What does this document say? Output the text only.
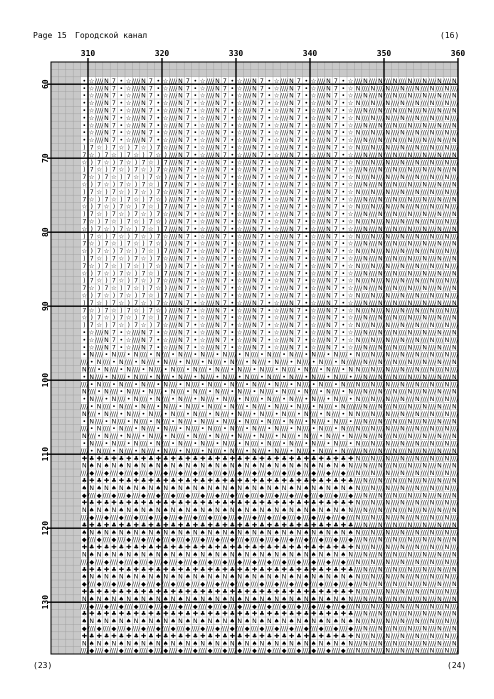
Page 15 Городской канал	(16)
• ☆ //// N 7 • ☆ //// N 7 • ☆ //// N 7 • ☆ //// N 7 • ☆ //// N 7 • ☆ //// N 7 • ☆ //// N 7 • ☆ //// N //// N //// N //// N //// N //// N //// N
• ☆ //// N 7 • ☆ //// N 7 • ☆ //// N 7 • ☆ //// N 7 • ☆ //// N 7 • ☆ //// N 7 • ☆ //// N 7 • ☆ N //// N //// N //// N //// N //// N //// N ////
• ☆ //// N 7 • ☆ //// N 7 • ☆ //// N 7 • ☆ //// N 7 • ☆ //// N 7 • ☆ //// N 7 • ☆ //// N 7 • ☆ //// N //// N //// N //// N //// N //// N //// N
• ☆ //// N 7 • ☆ //// N 7 • ☆ //// N 7 • ☆ //// N 7 • ☆ //// N 7 • ☆ //// N 7 • ☆ //// N 7 • ☆ N //// N //// N //// N //// N //// N //// N ////
• ☆ //// N 7 • ☆ //// N 7 • ☆ //// N 7 • ☆ //// N 7 • ☆ //// N 7 • ☆ //// N 7 • ☆ //// N 7 • ☆ //// N //// N //// N //// N //// N //// N //// N
• ☆ //// N 7 • ☆ //// N 7 • ☆ //// N 7 • ☆ //// N 7 • ☆ //// N 7 • ☆ //// N 7 • ☆ //// N 7 • ☆ N //// N //// N //// N //// N //// N //// N ////
• ☆ //// N 7 • ☆ //// N 7 • ☆ //// N 7 • ☆ //// N 7 • ☆ //// N 7 • ☆ //// N 7 • ☆ //// N 7 • ☆ //// N //// N //// N //// N //// N //// N //// N
• ☆ //// N 7 • ☆ //// N 7 • ☆ //// N 7 • ☆ //// N 7 • ☆ //// N 7 • ☆ //// N 7 • ☆ //// N 7 • ☆ N //// N //// N //// N //// N //// N //// N ////
• ☆ //// N 7 • ☆ //// N 7 • ☆ //// N 7 • ☆ //// N 7 • ☆ //// N 7 • ☆ //// N 7 • ☆ //// N 7 • ☆ //// N //// N //// N //// N //// N //// N //// N
) 7 ☆ ) 7 ☆ ) 7 ☆ ) 7 ☆ //// N 7 • ☆ //// N 7 • ☆ //// N 7 • ☆ //// N 7 • ☆ //// N 7 • ☆ N //// N //// N //// N //// N //// N //// N ////
7 ☆ ) 7 ☆ ) 7 ☆ ) 7 ☆ ) //// N 7 • ☆ //// N 7 • ☆ //// N 7 • ☆ //// N 7 • ☆ //// N 7 • ☆ //// N //// N //// N //// N //// N //// N //// N
☆ ) 7 ☆ ) 7 ☆ ) 7 ☆ ) 7 //// N 7 • ☆ //// N 7 • ☆ //// N 7 • ☆ //// N 7 • ☆ //// N 7 • ☆ N //// N //// N //// N //// N //// N //// N ////
) 7 ☆ ) 7 ☆ ) 7 ☆ ) 7 ☆ //// N 7 • ☆ //// N 7 • ☆ //// N 7 • ☆ //// N 7 • ☆ //// N 7 • ☆ //// N //// N //// N //// N //// N //// N //// N
7 ☆ ) 7 ☆ ) 7 ☆ ) 7 ☆ ) //// N 7 • ☆ //// N 7 • ☆ //// N 7 • ☆ //// N 7 • ☆ //// N 7 • ☆ N //// N //// N //// N //// N //// N //// N ////
☆ ) 7 ☆ ) 7 ☆ ) 7 ☆ ) 7 //// N 7 • ☆ //// N 7 • ☆ //// N 7 • ☆ //// N 7 • ☆ //// N 7 • ☆ //// N //// N //// N //// N //// N //// N //// N
) 7 ☆ ) 7 ☆ ) 7 ☆ ) 7 ☆ //// N 7 • ☆ //// N 7 • ☆ //// N 7 • ☆ //// N 7 • ☆ //// N 7 • ☆ N //// N //// N //// N //// N //// N //// N ////
7 ☆ ) 7 ☆ ) 7 ☆ ) 7 ☆ ) //// N 7 • ☆ //// N 7 • ☆ //// N 7 • ☆ //// N 7 • ☆ //// N 7 • ☆ //// N //// N //// N //// N //// N //// N //// N
☆ ) 7 ☆ ) 7 ☆ ) 7 ☆ ) 7 //// N 7 • ☆ //// N 7 • ☆ //// N 7 • ☆ //// N 7 • ☆ //// N 7 • ☆ N //// N //// N //// N //// N //// N //// N ////
) 7 ☆ ) 7 ☆ ) 7 ☆ ) 7 ☆ //// N 7 • ☆ //// N 7 • ☆ //// N 7 • ☆ //// N 7 • ☆ //// N 7 • ☆ //// N //// N //// N //// N //// N //// N //// N
7 ☆ ) 7 ☆ ) 7 ☆ ) 7 ☆ ) //// N 7 • ☆ //// N 7 • ☆ //// N 7 • ☆ //// N 7 • ☆ //// N 7 • ☆ N //// N //// N //// N //// N //// N //// N ////
☆ ) 7 ☆ ) 7 ☆ ) 7 ☆ ) 7 //// N 7 • ☆ //// N 7 • ☆ //// N 7 • ☆ //// N 7 • ☆ //// N 7 • ☆ //// N //// N //// N //// N //// N //// N //// N
) 7 ☆ ) 7 ☆ ) 7 ☆ ) 7 ☆ //// N 7 • ☆ //// N 7 • ☆ //// N 7 • ☆ //// N 7 • ☆ //// N 7 • ☆ N //// N //// N //// N //// N //// N //// N ////
7 ☆ ) 7 ☆ ) 7 ☆ ) 7 ☆ ) //// N 7 • ☆ //// N 7 • ☆ //// N 7 • ☆ //// N 7 • ☆ //// N 7 • ☆ //// N //// N //// N //// N //// N //// N //// N
☆ ) 7 ☆ ) 7 ☆ ) 7 ☆ ) 7 //// N 7 • ☆ //// N 7 • ☆ //// N 7 • ☆ //// N 7 • ☆ //// N 7 • ☆ N //// N //// N //// N //// N //// N //// N ////
) 7 ☆ ) 7 ☆ ) 7 ☆ ) 7 ☆ //// N 7 • ☆ //// N 7 • ☆ //// N 7 • ☆ //// N 7 • ☆ //// N 7 • ☆ //// N //// N //// N //// N //// N //// N //// N
7 ☆ ) 7 ☆ ) 7 ☆ ) 7 ☆ ) //// N 7 • ☆ //// N 7 • ☆ //// N 7 • ☆ //// N 7 • ☆ //// N 7 • ☆ N //// N //// N //// N //// N //// N //// N ////
☆ ) 7 ☆ ) 7 ☆ ) 7 ☆ ) 7 //// N 7 • ☆ //// N 7 • ☆ //// N 7 • ☆ //// N 7 • ☆ //// N 7 • ☆ //// N //// N //// N //// N //// N //// N //// N
) 7 ☆ ) 7 ☆ ) 7 ☆ ) 7 ☆ //// N 7 • ☆ //// N 7 • ☆ //// N 7 • ☆ //// N 7 • ☆ //// N 7 • ☆ N //// N //// N //// N //// N //// N //// N ////
7 ☆ ) 7 ☆ ) 7 ☆ ) 7 ☆ ) //// N 7 • ☆ //// N 7 • ☆ //// N 7 • ☆ //// N 7 • ☆ //// N 7 • ☆ //// N //// N //// N //// N //// N //// N //// N
☆ ) 7 ☆ ) 7 ☆ ) 7 ☆ ) 7 //// N 7 • ☆ //// N 7 • ☆ //// N 7 • ☆ //// N 7 • ☆ //// N 7 • ☆ N //// N //// N //// N //// N //// N //// N ////
) 7 ☆ ) 7 ☆ ) 7 ☆ ) 7 ☆ //// N 7 • ☆ //// N 7 • ☆ //// N 7 • ☆ //// N 7 • ☆ //// N 7 • ☆ //// N //// N //// N //// N //// N //// N //// N
7 ☆ ) 7 ☆ ) 7 ☆ ) 7 ☆ ) //// N 7 • ☆ //// N 7 • ☆ //// N 7 • ☆ //// N 7 • ☆ //// N 7 • ☆ N //// N //// N //// N //// N //// N //// N ////
☆ ) 7 ☆ ) 7 ☆ ) 7 ☆ ) 7 //// N 7 • ☆ //// N 7 • ☆ //// N 7 • ☆ //// N 7 • ☆ //// N 7 • ☆ //// N //// N //// N //// N //// N //// N //// N
) 7 ☆ ) 7 ☆ ) 7 ☆ ) 7 ☆ //// N 7 • ☆ //// N 7 • ☆ //// N 7 • ☆ //// N 7 • ☆ //// N 7 • ☆ N //// N //// N //// N //// N //// N //// N ////
• ☆ //// N 7 • ☆ //// N 7 • ☆ //// N 7 • ☆ //// N 7 • ☆ //// N 7 • ☆ //// N 7 • ☆ //// N 7 • ☆ //// N //// N //// N //// N //// N //// N //// N
• ☆ //// N 7 • ☆ //// N 7 • ☆ //// N 7 • ☆ //// N 7 • ☆ //// N 7 • ☆ //// N 7 • ☆ //// N 7 • ☆ N //// N //// N //// N //// N //// N //// N ////
• ☆ //// N 7 • ☆ //// N 7 • ☆ //// N 7 • ☆ //// N 7 • ☆ //// N 7 • ☆ //// N 7 • ☆ //// N 7 • ☆ //// N //// N //// N //// N //// N //// N //// N
• N //// • N //// • N //// • N //// • N //// • N //// • N //// • N //// • N //// • N //// • N //// • N //// • N //// N //// N //// N //// N //// N //// N ////
//// • N //// • N //// • N //// • N //// • N //// • N //// • N //// • N //// • N //// • N //// • N //// • N //// //// N //// N //// N //// N //// N //// N //// N
N //// • N //// • N //// • N //// • N //// • N //// • N //// • N //// • N //// • N //// • N //// • N //// • N N //// N //// N //// N //// N //// N //// N ////
• N //// • N //// • N //// • N //// • N //// • N //// • N //// • N //// • N //// • N //// • N //// • N //// • //// N //// N //// N //// N //// N //// N //// N
//// • N //// • N //// • N //// • N //// • N //// • N //// • N //// • N //// • N //// • N //// • N //// • N //// N //// N //// N //// N //// N //// N //// N ////
N //// • N //// • N //// • N //// • N //// • N //// • N //// • N //// • N //// • N //// • N //// • N //// • N //// N //// N //// N //// N //// N //// N //// N
• N //// • N //// • N //// • N //// • N //// • N //// • N //// • N //// • N //// • N //// • N //// • N //// • N //// N //// N //// N //// N //// N //// N ////
//// • N //// • N //// • N //// • N //// • N //// • N //// • N //// • N //// • N //// • N //// • N //// • N //// //// N //// N //// N //// N //// N //// N //// N
N //// • N //// • N //// • N //// • N //// • N //// • N //// • N //// • N //// • N //// • N //// • N //// • N N //// N //// N //// N //// N //// N //// N ////
• N //// • N //// • N //// • N //// • N //// • N //// • N //// • N //// • N //// • N //// • N //// • N //// • //// N //// N //// N //// N //// N //// N //// N
//// • N //// • N //// • N //// • N //// • N //// • N //// • N //// • N //// • N //// • N //// • N //// • N //// N //// N //// N //// N //// N //// N //// N ////
N //// • N //// • N //// • N //// • N //// • N //// • N //// • N //// • N //// • N //// • N //// • N //// • N //// N //// N //// N //// N //// N //// N //// N
• N //// • N //// • N //// • N //// • N //// • N //// • N //// • N //// • N //// • N //// • N //// • N //// • N //// N //// N //// N //// N //// N //// N ////
//// • N //// • N //// • N //// • N //// • N //// • N //// • N //// • N //// • N //// • N //// • N //// • N //// //// N //// N //// N //// N //// N //// N //// N
✚ ♣ ✚ ♣ ✚ ♣ ✚ ♣ ✚ ♣ ✚ ♣ ✚ ♣ ✚ ♣ ✚ ♣ ✚ ♣ ✚ ♣ ✚ ♣ ✚ ♣ ✚ ♣ ✚ ♣ ✚ ♣ ✚ ♣ ✚ ♣ ✚ N //// N //// N //// N //// N //// N //// N ////
N ♠ N ♠ N ♠ N ♠ N ♠ N ♠ N ♠ N ♠ N ♠ N ♠ N ♠ N ♠ N ♠ N ♠ N ♠ N ♠ N ♠ N ♠ N //// N //// N //// N //// N //// N //// N //// N
//// ◆ //// ◆ //// ◆ //// ◆ //// ◆ //// ◆ //// ◆ //// ◆ //// ◆ //// ◆ //// ◆ //// ◆ //// ◆ //// ◆ //// ◆ //// ◆ //// ◆ //// ◆ //// N //// N //// N //// N //// N //// N //// N ////
♣ ✚ ♣ ✚ ♣ ✚ ♣ ✚ ♣ ✚ ♣ ✚ ♣ ✚ ♣ ✚ ♣ ✚ ♣ ✚ ♣ ✚ ♣ ✚ ♣ ✚ ♣ ✚ ♣ ✚ ♣ ✚ ♣ ✚ ♣ ✚ ♣ //// N //// N //// N //// N //// N //// N //// N
♠ N ♠ N ♠ N ♠ N ♠ N ♠ N ♠ N ♠ N ♠ N ♠ N ♠ N ♠ N ♠ N ♠ N ♠ N ♠ N ♠ N ♠ N ♠ N //// N //// N //// N //// N //// N //// N ////
◆ //// ◆ //// ◆ //// ◆ //// ◆ //// ◆ //// ◆ //// ◆ //// ◆ //// ◆ //// ◆ //// ◆ //// ◆ //// ◆ //// ◆ //// ◆ //// ◆ //// ◆ //// ◆ //// N //// N //// N //// N //// N //// N //// N
✚ ♣ ✚ ♣ ✚ ♣ ✚ ♣ ✚ ♣ ✚ ♣ ✚ ♣ ✚ ♣ ✚ ♣ ✚ ♣ ✚ ♣ ✚ ♣ ✚ ♣ ✚ ♣ ✚ ♣ ✚ ♣ ✚ ♣ ✚ ♣ ✚ N //// N //// N //// N //// N //// N //// N ////
N ♠ N ♠ N ♠ N ♠ N ♠ N ♠ N ♠ N ♠ N ♠ N ♠ N ♠ N ♠ N ♠ N ♠ N ♠ N ♠ N ♠ N ♠ N //// N //// N //// N //// N //// N //// N //// N
//// ◆ //// ◆ //// ◆ //// ◆ //// ◆ //// ◆ //// ◆ //// ◆ //// ◆ //// ◆ //// ◆ //// ◆ //// ◆ //// ◆ //// ◆ //// ◆ //// ◆ //// ◆ //// N //// N //// N //// N //// N //// N //// N ////
♣ ✚ ♣ ✚ ♣ ✚ ♣ ✚ ♣ ✚ ♣ ✚ ♣ ✚ ♣ ✚ ♣ ✚ ♣ ✚ ♣ ✚ ♣ ✚ ♣ ✚ ♣ ✚ ♣ ✚ ♣ ✚ ♣ ✚ ♣ ✚ ♣ //// N //// N //// N //// N //// N //// N //// N
♠ N ♠ N ♠ N ♠ N ♠ N ♠ N ♠ N ♠ N ♠ N ♠ N ♠ N ♠ N ♠ N ♠ N ♠ N ♠ N ♠ N ♠ N ♠ N //// N //// N //// N //// N //// N //// N ////
◆ //// ◆ //// ◆ //// ◆ //// ◆ //// ◆ //// ◆ //// ◆ //// ◆ //// ◆ //// ◆ //// ◆ //// ◆ //// ◆ //// ◆ //// ◆ //// ◆ //// ◆ //// ◆ //// N //// N //// N //// N //// N //// N //// N
✚ ♣ ✚ ♣ ✚ ♣ ✚ ♣ ✚ ♣ ✚ ♣ ✚ ♣ ✚ ♣ ✚ ♣ ✚ ♣ ✚ ♣ ✚ ♣ ✚ ♣ ✚ ♣ ✚ ♣ ✚ ♣ ✚ ♣ ✚ ♣ ✚ N //// N //// N //// N //// N //// N //// N ////
N ♠ N ♠ N ♠ N ♠ N ♠ N ♠ N ♠ N ♠ N ♠ N ♠ N ♠ N ♠ N ♠ N ♠ N ♠ N ♠ N ♠ N ♠ N //// N //// N //// N //// N //// N //// N //// N
//// ◆ //// ◆ //// ◆ //// ◆ //// ◆ //// ◆ //// ◆ //// ◆ //// ◆ //// ◆ //// ◆ //// ◆ //// ◆ //// ◆ //// ◆ //// ◆ //// ◆ //// ◆ //// N //// N //// N //// N //// N //// N //// N ////
♣ ✚ ♣ ✚ ♣ ✚ ♣ ✚ ♣ ✚ ♣ ✚ ♣ ✚ ♣ ✚ ♣ ✚ ♣ ✚ ♣ ✚ ♣ ✚ ♣ ✚ ♣ ✚ ♣ ✚ ♣ ✚ ♣ ✚ ♣ ✚ ♣ //// N //// N //// N //// N //// N //// N //// N
♠ N ♠ N ♠ N ♠ N ♠ N ♠ N ♠ N ♠ N ♠ N ♠ N ♠ N ♠ N ♠ N ♠ N ♠ N ♠ N ♠ N ♠ N ♠ N //// N //// N //// N //// N //// N //// N ////
◆ //// ◆ //// ◆ //// ◆ //// ◆ //// ◆ //// ◆ //// ◆ //// ◆ //// ◆ //// ◆ //// ◆ //// ◆ //// ◆ //// ◆ //// ◆ //// ◆ //// ◆ //// ◆ //// N //// N //// N //// N //// N //// N //// N
✚ ♣ ✚ ♣ ✚ ♣ ✚ ♣ ✚ ♣ ✚ ♣ ✚ ♣ ✚ ♣ ✚ ♣ ✚ ♣ ✚ ♣ ✚ ♣ ✚ ♣ ✚ ♣ ✚ ♣ ✚ ♣ ✚ ♣ ✚ ♣ ✚ N //// N //// N //// N //// N //// N //// N ////
N ♠ N ♠ N ♠ N ♠ N ♠ N ♠ N ♠ N ♠ N ♠ N ♠ N ♠ N ♠ N ♠ N ♠ N ♠ N ♠ N ♠ N ♠ N //// N //// N //// N //// N //// N //// N //// N
//// ◆ //// ◆ //// ◆ //// ◆ //// ◆ //// ◆ //// ◆ //// ◆ //// ◆ //// ◆ //// ◆ //// ◆ //// ◆ //// ◆ //// ◆ //// ◆ //// ◆ //// ◆ //// N //// N //// N //// N //// N //// N //// N ////
♣ ✚ ♣ ✚ ♣ ✚ ♣ ✚ ♣ ✚ ♣ ✚ ♣ ✚ ♣ ✚ ♣ ✚ ♣ ✚ ♣ ✚ ♣ ✚ ♣ ✚ ♣ ✚ ♣ ✚ ♣ ✚ ♣ ✚ ♣ ✚ ♣ //// N //// N //// N //// N //// N //// N //// N
♠ N ♠ N ♠ N ♠ N ♠ N ♠ N ♠ N ♠ N ♠ N ♠ N ♠ N ♠ N ♠ N ♠ N ♠ N ♠ N ♠ N ♠ N ♠ N //// N //// N //// N //// N //// N //// N ////
◆ //// ◆ //// ◆ //// ◆ //// ◆ //// ◆ //// ◆ //// ◆ //// ◆ //// ◆ //// ◆ //// ◆ //// ◆ //// ◆ //// ◆ //// ◆ //// ◆ //// ◆ //// ◆ //// N //// N //// N //// N //// N //// N //// N
✚ ♣ ✚ ♣ ✚ ♣ ✚ ♣ ✚ ♣ ✚ ♣ ✚ ♣ ✚ ♣ ✚ ♣ ✚ ♣ ✚ ♣ ✚ ♣ ✚ ♣ ✚ ♣ ✚ ♣ ✚ ♣ ✚ ♣ ✚ ♣ ✚ N //// N //// N //// N //// N //// N //// N ////
N ♠ N ♠ N ♠ N ♠ N ♠ N ♠ N ♠ N ♠ N ♠ N ♠ N ♠ N ♠ N ♠ N ♠ N ♠ N ♠ N ♠ N ♠ N //// N //// N //// N //// N //// N //// N //// N
//// ◆ //// ◆ //// ◆ //// ◆ //// ◆ //// ◆ //// ◆ //// ◆ //// ◆ //// ◆ //// ◆ //// ◆ //// ◆ //// ◆ //// ◆ //// ◆ //// ◆ //// ◆ //// N //// N //// N //// N //// N //// N //// N ////
310	320	330	340	350	360
60
70
80
90
100
110
120
130
(23)	(24)
